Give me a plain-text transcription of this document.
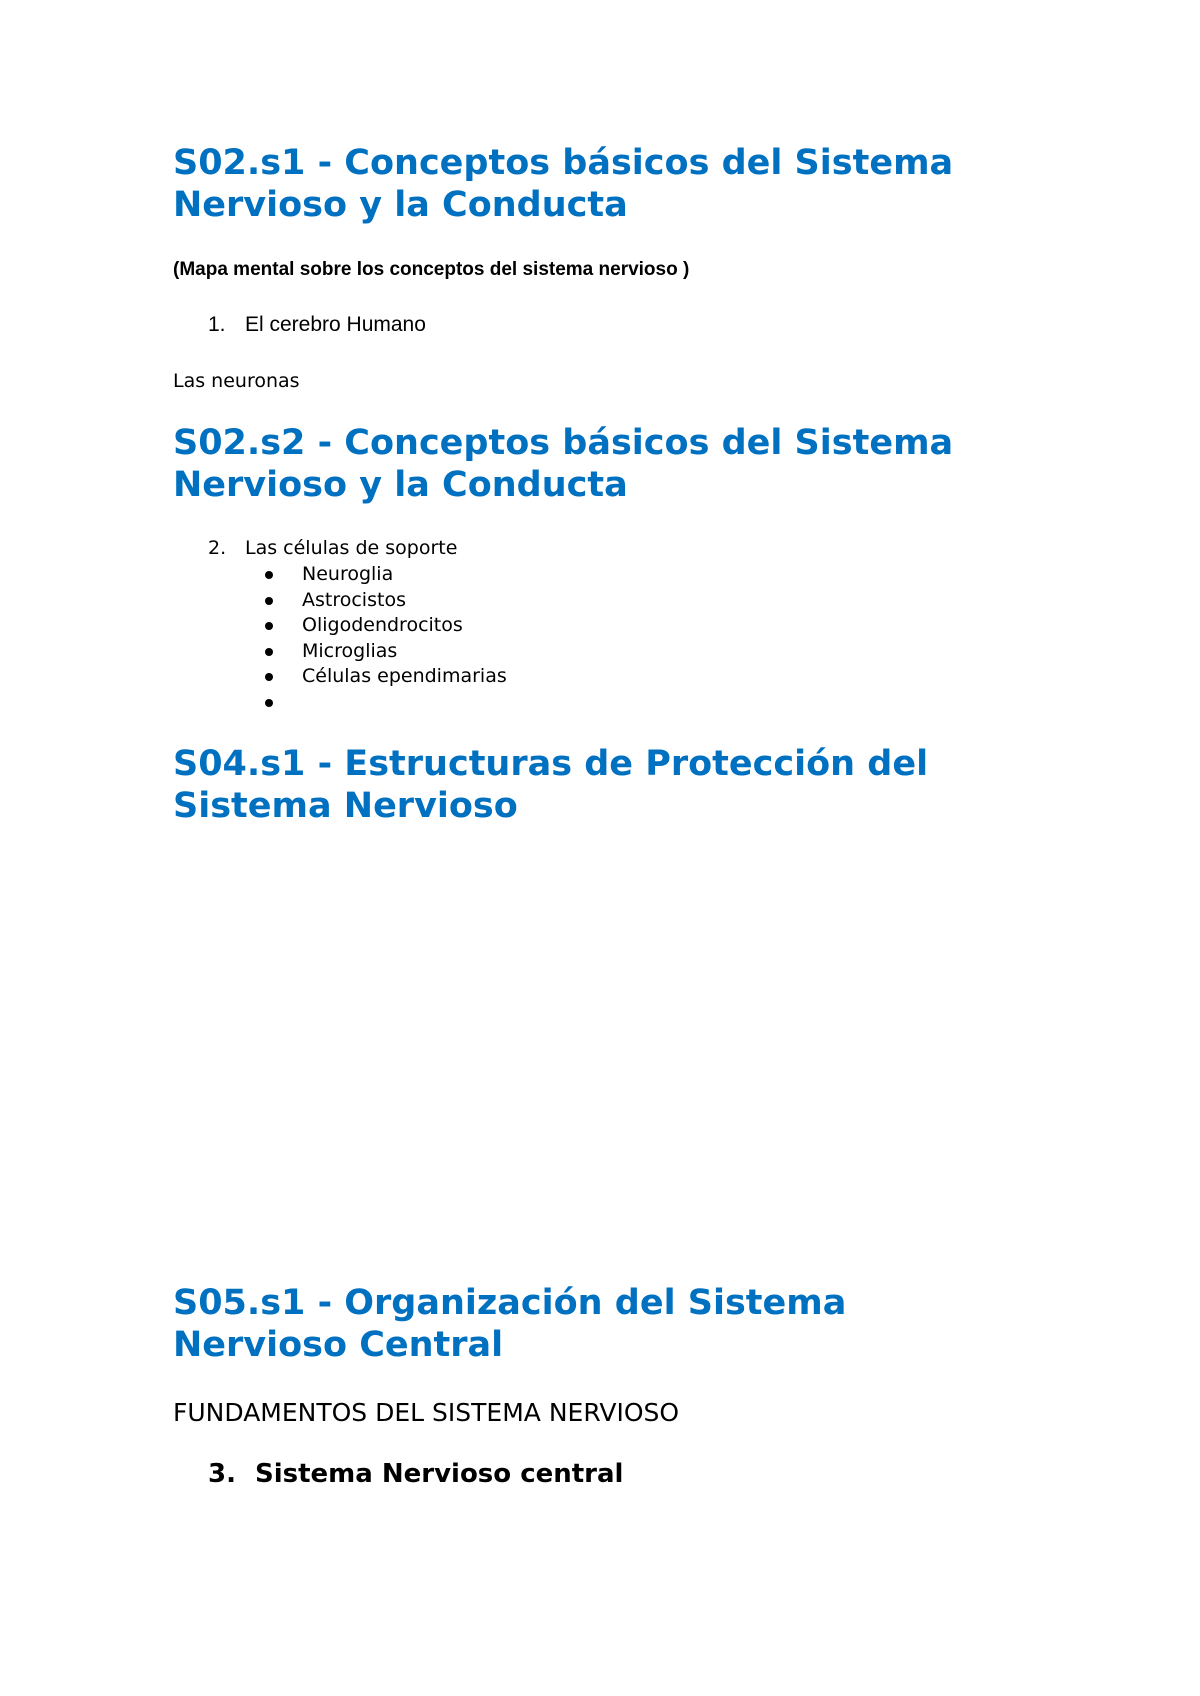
S02.s1 - Conceptos básicos del Sistema
Nervioso y la Conducta

(Mapa mental sobre los conceptos del sistema nervioso )

1. El cerebro Humano

Las neuronas

S02.s2 - Conceptos básicos del Sistema
Nervioso y la Conducta
2. Las células de soporte
Neuroglia
Astrocistos
Oligodendrocitos
Microglias
Células ependimarias
S04.s1 - Estructuras de Protección del
Sistema Nervioso
S05.s1 - Organización del Sistema
Nervioso Central

FUNDAMENTOS DEL SISTEMA NERVIOSO

3. Sistema Nervioso central
